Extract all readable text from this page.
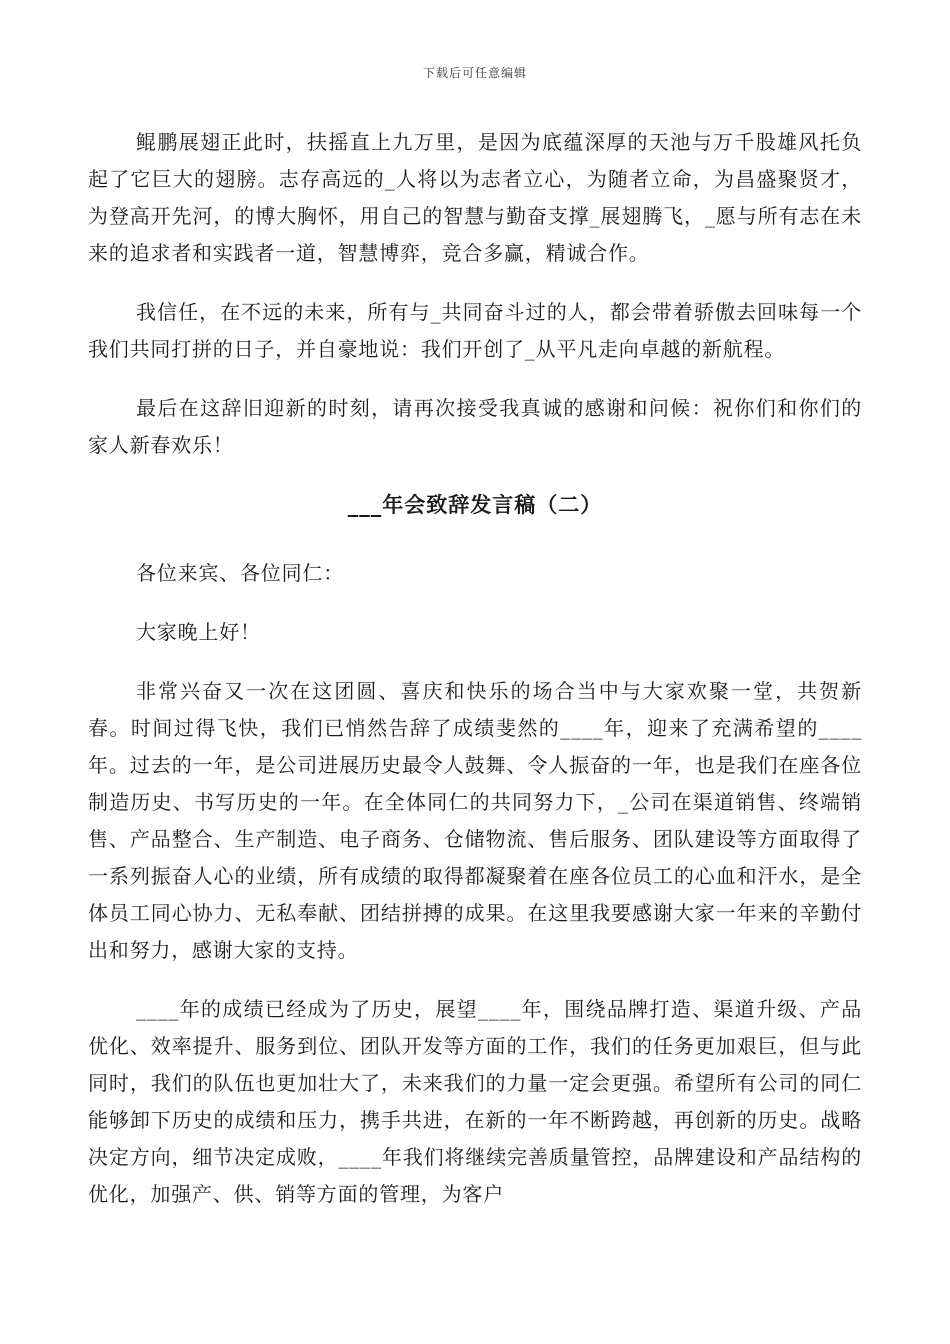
下载后可任意编辑

鲲鹏展翅正此时，扶摇直上九万里，是因为底蕴深厚的天池与万千股雄风托负起了它巨大的翅膀。志存高远的_人将以为志者立心，为随者立命，为昌盛聚贤才，为登高开先河，的博大胸怀，用自己的智慧与勤奋支撑_展翅腾飞，_愿与所有志在未来的追求者和实践者一道，智慧博弈，竞合多赢，精诚合作。

我信任，在不远的未来，所有与_共同奋斗过的人，都会带着骄傲去回味每一个我们共同打拼的日子，并自豪地说：我们开创了_从平凡走向卓越的新航程。

最后在这辞旧迎新的时刻，请再次接受我真诚的感谢和问候：祝你们和你们的家人新春欢乐！

___年会致辞发言稿（二）

各位来宾、各位同仁：

大家晚上好！

非常兴奋又一次在这团圆、喜庆和快乐的场合当中与大家欢聚一堂，共贺新春。时间过得飞快，我们已悄然告辞了成绩斐然的____年，迎来了充满希望的____年。过去的一年，是公司进展历史最令人鼓舞、令人振奋的一年，也是我们在座各位制造历史、书写历史的一年。在全体同仁的共同努力下，_公司在渠道销售、终端销售、产品整合、生产制造、电子商务、仓储物流、售后服务、团队建设等方面取得了一系列振奋人心的业绩，所有成绩的取得都凝聚着在座各位员工的心血和汗水，是全体员工同心协力、无私奉献、团结拼搏的成果。在这里我要感谢大家一年来的辛勤付出和努力，感谢大家的支持。

____年的成绩已经成为了历史，展望____年，围绕品牌打造、渠道升级、产品优化、效率提升、服务到位、团队开发等方面的工作，我们的任务更加艰巨，但与此同时，我们的队伍也更加壮大了，未来我们的力量一定会更强。希望所有公司的同仁能够卸下历史的成绩和压力，携手共进，在新的一年不断跨越，再创新的历史。战略决定方向，细节决定成败，____年我们将继续完善质量管控，品牌建设和产品结构的优化，加强产、供、销等方面的管理，为客户
